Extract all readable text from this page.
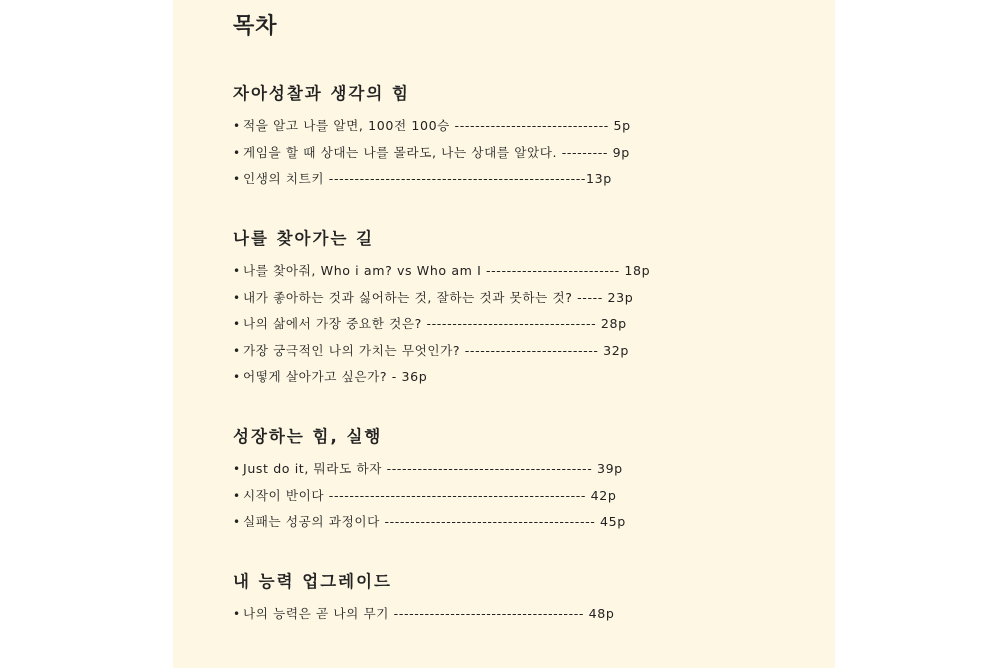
목차
자아성찰과 생각의 힘
• 적을 알고 나를 알면, 100전 100승 ------------------------------ 5p
• 게임을 할 때 상대는 나를 몰라도, 나는 상대를 알았다. --------- 9p
• 인생의 치트키 --------------------------------------------------13p
나를 찾아가는 길
• 나를 찾아줘, Who i am? vs Who am I -------------------------- 18p
• 내가 좋아하는 것과 싫어하는 것, 잘하는 것과 못하는 것? ----- 23p
• 나의 삶에서 가장 중요한 것은? --------------------------------- 28p
• 가장 궁극적인 나의 가치는 무엇인가? -------------------------- 32p
• 어떻게 살아가고 싶은가? - 36p
성장하는 힘, 실행
• Just do it, 뭐라도 하자 ---------------------------------------- 39p
• 시작이 반이다 -------------------------------------------------- 42p
• 실패는 성공의 과정이다 ----------------------------------------- 45p
내 능력 업그레이드
• 나의 능력은 곧 나의 무기 ------------------------------------- 48p
